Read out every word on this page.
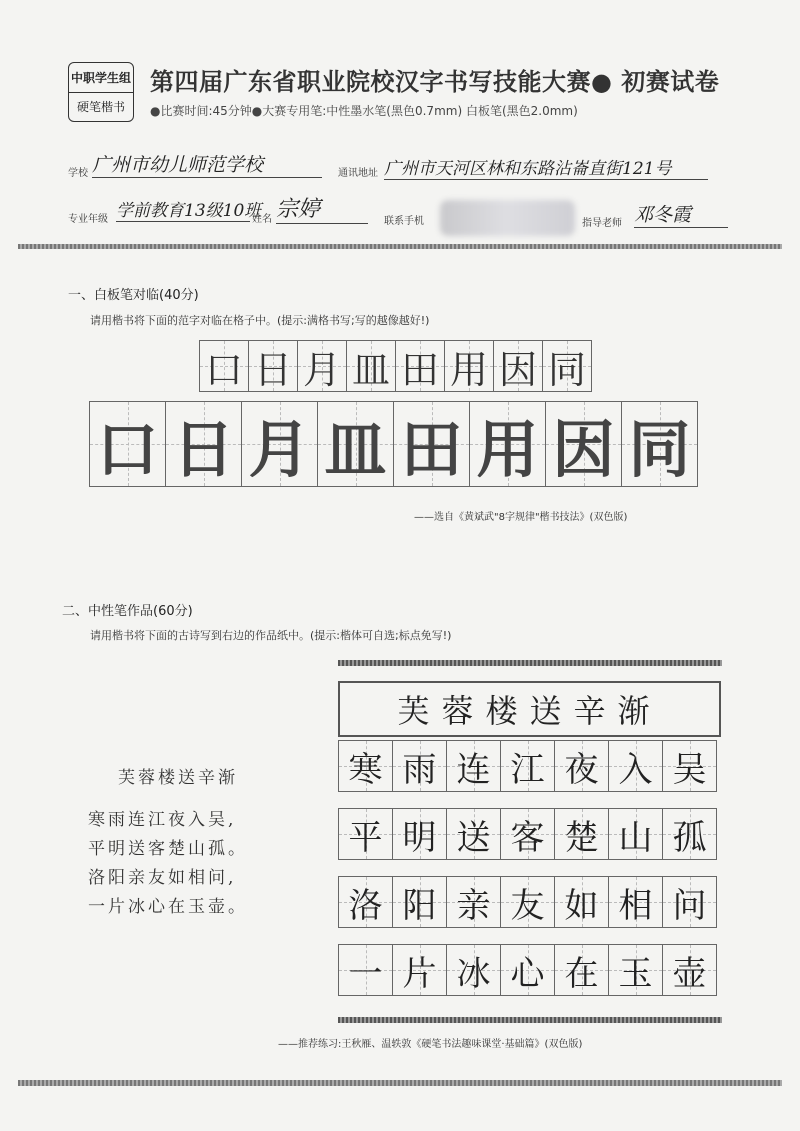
中职学生组
硬笔楷书
第四届广东省职业院校汉字书写技能大赛● 初赛试卷
●比赛时间:45分钟●大赛专用笔:中性墨水笔(黑色0.7mm) 白板笔(黑色2.0mm)
学校 广州市幼儿师范学校	通讯地址 广州市天河区林和东路沾崙直街121号
专业年级 学前教育13级10班
姓名 宗婷	联系手机	指导老师 邓冬霞
一、白板笔对临(40分)
请用楷书将下面的范字对临在格子中。(提示:满格书写;写的越像越好!)
口 日 月 皿 田 用 因 同
口 日 月 皿 田 用 因 同
——选自《黄斌武"8字规律"楷书技法》(双色版)
二、中性笔作品(60分)
请用楷书将下面的古诗写到右边的作品纸中。(提示:楷体可自选;标点免写!)
芙蓉楼送辛渐
寒雨连江夜入吴,
平明送客楚山孤。
洛阳亲友如相问,
一片冰心在玉壶。
芙蓉楼送辛渐
寒 雨 连 江 夜 入 吴
平 明 送 客 楚 山 孤
洛 阳 亲 友 如 相 问
一 片 冰 心 在 玉 壶
——推荐练习:王秋雁、温轶敦《硬笔书法趣味课堂·基础篇》(双色版)
